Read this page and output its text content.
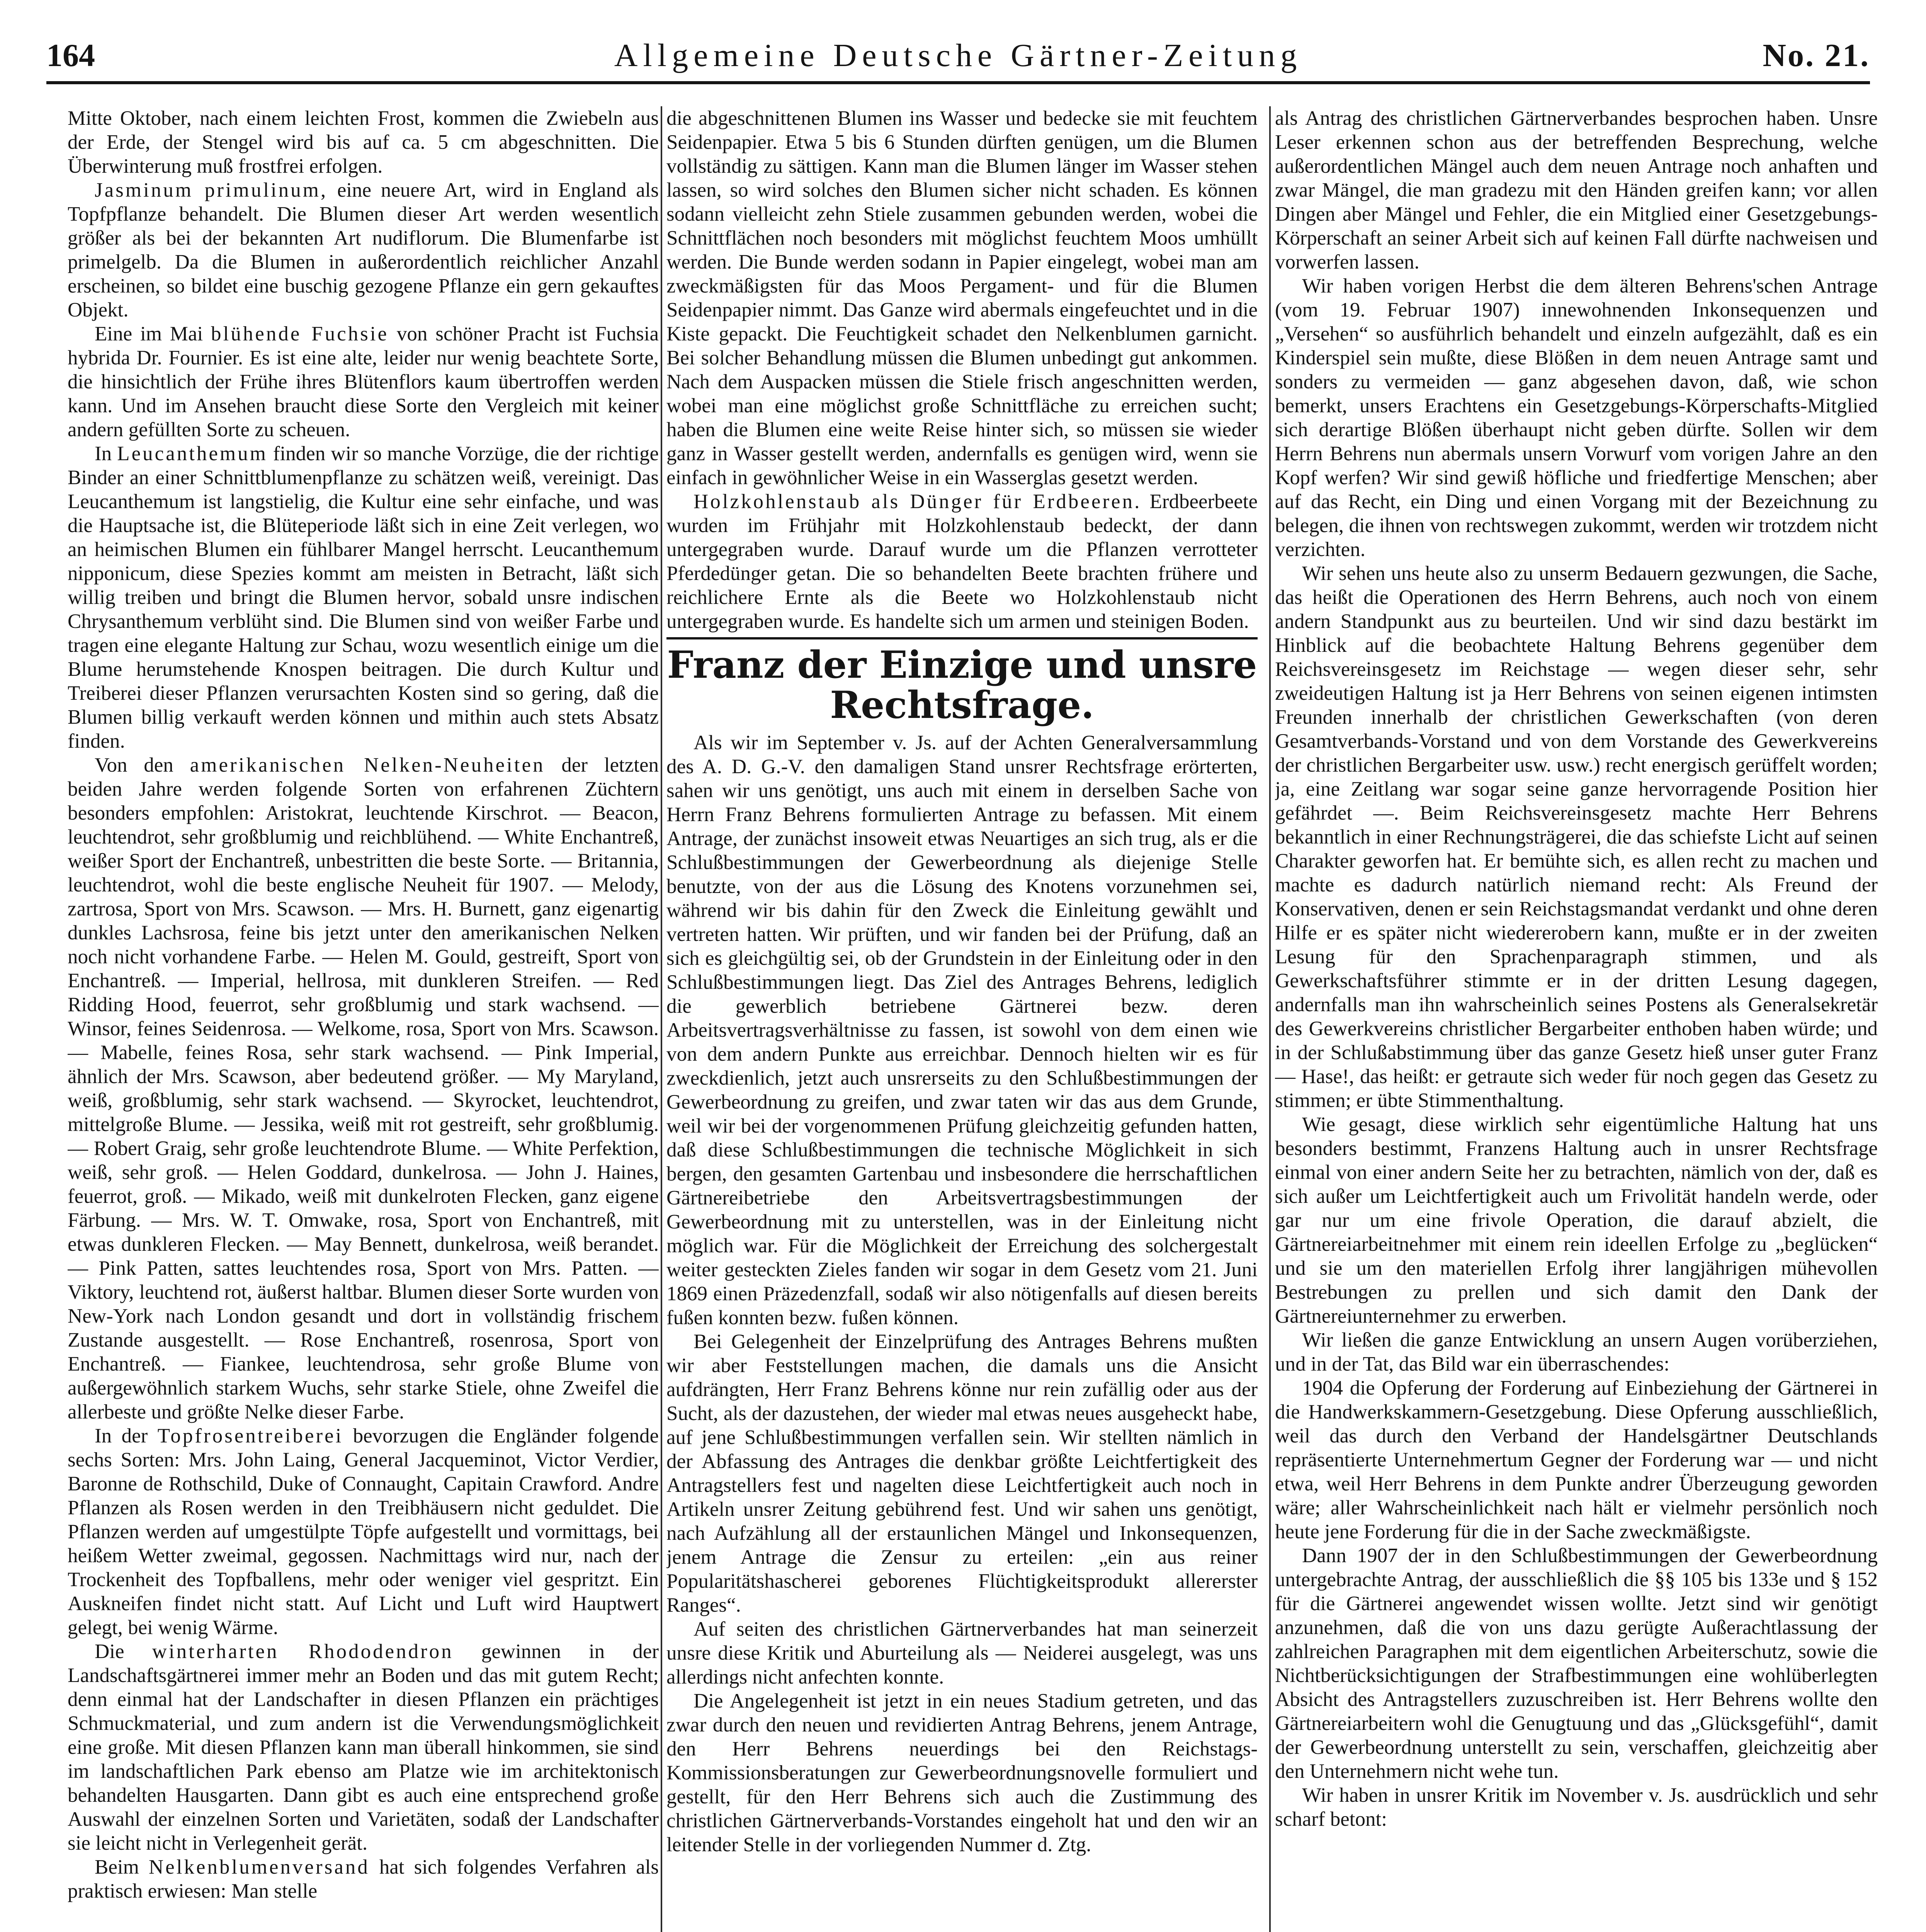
164	Allgemeine Deutsche Gärtner-Zeitung	No. 21.

Mitte Oktober, nach einem leichten Frost, kommen die Zwiebeln aus der Erde, der Stengel wird bis auf ca. 5 cm abgeschnitten. Die Überwinterung muß frostfrei erfolgen.

Jasminum primulinum, eine neuere Art, wird in England als Topfpflanze behandelt. Die Blumen dieser Art werden wesentlich größer als bei der bekannten Art nudiflorum. Die Blumenfarbe ist primelgelb. Da die Blumen in außerordentlich reichlicher Anzahl erscheinen, so bildet eine buschig gezogene Pflanze ein gern gekauftes Objekt.

Eine im Mai blühende Fuchsie von schöner Pracht ist Fuchsia hybrida Dr. Fournier. Es ist eine alte, leider nur wenig beachtete Sorte, die hinsichtlich der Frühe ihres Blütenflors kaum übertroffen werden kann. Und im Ansehen braucht diese Sorte den Vergleich mit keiner andern gefüllten Sorte zu scheuen.

In Leucanthemum finden wir so manche Vorzüge, die der richtige Binder an einer Schnittblumenpflanze zu schätzen weiß, vereinigt. Das Leucanthemum ist langstielig, die Kultur eine sehr einfache, und was die Hauptsache ist, die Blüteperiode läßt sich in eine Zeit verlegen, wo an heimischen Blumen ein fühlbarer Mangel herrscht. Leucanthemum nipponicum, diese Spezies kommt am meisten in Betracht, läßt sich willig treiben und bringt die Blumen hervor, sobald unsre indischen Chrysanthemum verblüht sind. Die Blumen sind von weißer Farbe und tragen eine elegante Haltung zur Schau, wozu wesentlich einige um die Blume herumstehende Knospen beitragen. Die durch Kultur und Treiberei dieser Pflanzen verursachten Kosten sind so gering, daß die Blumen billig verkauft werden können und mithin auch stets Absatz finden.

Von den amerikanischen Nelken-Neuheiten der letzten beiden Jahre werden folgende Sorten von erfahrenen Züchtern besonders empfohlen: Aristokrat, leuchtende Kirschrot. — Beacon, leuchtendrot, sehr großblumig und reichblühend. — White Enchantreß, weißer Sport der Enchantreß, unbestritten die beste Sorte. — Britannia, leuchtendrot, wohl die beste englische Neuheit für 1907. — Melody, zartrosa, Sport von Mrs. Scawson. — Mrs. H. Burnett, ganz eigenartig dunkles Lachsrosa, feine bis jetzt unter den amerikanischen Nelken noch nicht vorhandene Farbe. — Helen M. Gould, gestreift, Sport von Enchantreß. — Imperial, hellrosa, mit dunkleren Streifen. — Red Ridding Hood, feuerrot, sehr großblumig und stark wachsend. — Winsor, feines Seidenrosa. — Welkome, rosa, Sport von Mrs. Scawson. — Mabelle, feines Rosa, sehr stark wachsend. — Pink Imperial, ähnlich der Mrs. Scawson, aber bedeutend größer. — My Maryland, weiß, großblumig, sehr stark wachsend. — Skyrocket, leuchtendrot, mittelgroße Blume. — Jessika, weiß mit rot gestreift, sehr großblumig. — Robert Graig, sehr große leuchtendrote Blume. — White Perfektion, weiß, sehr groß. — Helen Goddard, dunkelrosa. — John J. Haines, feuerrot, groß. — Mikado, weiß mit dunkelroten Flecken, ganz eigene Färbung. — Mrs. W. T. Omwake, rosa, Sport von Enchantreß, mit etwas dunkleren Flecken. — May Bennett, dunkelrosa, weiß berandet. — Pink Patten, sattes leuchtendes rosa, Sport von Mrs. Patten. — Viktory, leuchtend rot, äußerst haltbar. Blumen dieser Sorte wurden von New-York nach London gesandt und dort in vollständig frischem Zustande ausgestellt. — Rose Enchantreß, rosenrosa, Sport von Enchantreß. — Fiankee, leuchtendrosa, sehr große Blume von außergewöhnlich starkem Wuchs, sehr starke Stiele, ohne Zweifel die allerbeste und größte Nelke dieser Farbe.

In der Topfrosentreiberei bevorzugen die Engländer folgende sechs Sorten: Mrs. John Laing, General Jacqueminot, Victor Verdier, Baronne de Rothschild, Duke of Connaught, Capitain Crawford. Andre Pflanzen als Rosen werden in den Treibhäusern nicht geduldet. Die Pflanzen werden auf umgestülpte Töpfe aufgestellt und vormittags, bei heißem Wetter zweimal, gegossen. Nachmittags wird nur, nach der Trockenheit des Topfballens, mehr oder weniger viel gespritzt. Ein Auskneifen findet nicht statt. Auf Licht und Luft wird Hauptwert gelegt, bei wenig Wärme.

Die winterharten Rhododendron gewinnen in der Landschaftsgärtnerei immer mehr an Boden und das mit gutem Recht; denn einmal hat der Landschafter in diesen Pflanzen ein prächtiges Schmuckmaterial, und zum andern ist die Verwendungsmöglichkeit eine große. Mit diesen Pflanzen kann man überall hinkommen, sie sind im landschaftlichen Park ebenso am Platze wie im architektonisch behandelten Hausgarten. Dann gibt es auch eine entsprechend große Auswahl der einzelnen Sorten und Varietäten, sodaß der Landschafter sie leicht nicht in Verlegenheit gerät.

Beim Nelkenblumenversand hat sich folgendes Verfahren als praktisch erwiesen: Man stelle

die abgeschnittenen Blumen ins Wasser und bedecke sie mit feuchtem Seidenpapier. Etwa 5 bis 6 Stunden dürften genügen, um die Blumen vollständig zu sättigen. Kann man die Blumen länger im Wasser stehen lassen, so wird solches den Blumen sicher nicht schaden. Es können sodann vielleicht zehn Stiele zusammen gebunden werden, wobei die Schnittflächen noch besonders mit möglichst feuchtem Moos umhüllt werden. Die Bunde werden sodann in Papier eingelegt, wobei man am zweckmäßigsten für das Moos Pergament- und für die Blumen Seidenpapier nimmt. Das Ganze wird abermals eingefeuchtet und in die Kiste gepackt. Die Feuchtigkeit schadet den Nelkenblumen garnicht. Bei solcher Behandlung müssen die Blumen unbedingt gut ankommen. Nach dem Auspacken müssen die Stiele frisch angeschnitten werden, wobei man eine möglichst große Schnittfläche zu erreichen sucht; haben die Blumen eine weite Reise hinter sich, so müssen sie wieder ganz in Wasser gestellt werden, andernfalls es genügen wird, wenn sie einfach in gewöhnlicher Weise in ein Wasserglas gesetzt werden.

Holzkohlenstaub als Dünger für Erdbeeren. Erdbeerbeete wurden im Frühjahr mit Holzkohlenstaub bedeckt, der dann untergegraben wurde. Darauf wurde um die Pflanzen verrotteter Pferdedünger getan. Die so behandelten Beete brachten frühere und reichlichere Ernte als die Beete wo Holzkohlenstaub nicht untergegraben wurde. Es handelte sich um armen und steinigen Boden.

Franz der Einzige und unsre Rechtsfrage.

Als wir im September v. Js. auf der Achten Generalversammlung des A. D. G.-V. den damaligen Stand unsrer Rechtsfrage erörterten, sahen wir uns genötigt, uns auch mit einem in derselben Sache von Herrn Franz Behrens formulierten Antrage zu befassen. Mit einem Antrage, der zunächst insoweit etwas Neuartiges an sich trug, als er die Schlußbestimmungen der Gewerbeordnung als diejenige Stelle benutzte, von der aus die Lösung des Knotens vorzunehmen sei, während wir bis dahin für den Zweck die Einleitung gewählt und vertreten hatten. Wir prüften, und wir fanden bei der Prüfung, daß an sich es gleichgültig sei, ob der Grundstein in der Einleitung oder in den Schlußbestimmungen liegt. Das Ziel des Antrages Behrens, lediglich die gewerblich betriebene Gärtnerei bezw. deren Arbeitsvertragsverhältnisse zu fassen, ist sowohl von dem einen wie von dem andern Punkte aus erreichbar. Dennoch hielten wir es für zweckdienlich, jetzt auch unsrerseits zu den Schlußbestimmungen der Gewerbeordnung zu greifen, und zwar taten wir das aus dem Grunde, weil wir bei der vorgenommenen Prüfung gleichzeitig gefunden hatten, daß diese Schlußbestimmungen die technische Möglichkeit in sich bergen, den gesamten Gartenbau und insbesondere die herrschaftlichen Gärtnereibetriebe den Arbeitsvertragsbestimmungen der Gewerbeordnung mit zu unterstellen, was in der Einleitung nicht möglich war. Für die Möglichkeit der Erreichung des solchergestalt weiter gesteckten Zieles fanden wir sogar in dem Gesetz vom 21. Juni 1869 einen Präzedenzfall, sodaß wir also nötigenfalls auf diesen bereits fußen konnten bezw. fußen können.

Bei Gelegenheit der Einzelprüfung des Antrages Behrens mußten wir aber Feststellungen machen, die damals uns die Ansicht aufdrängten, Herr Franz Behrens könne nur rein zufällig oder aus der Sucht, als der dazustehen, der wieder mal etwas neues ausgeheckt habe, auf jene Schlußbestimmungen verfallen sein. Wir stellten nämlich in der Abfassung des Antrages die denkbar größte Leichtfertigkeit des Antragstellers fest und nagelten diese Leichtfertigkeit auch noch in Artikeln unsrer Zeitung gebührend fest. Und wir sahen uns genötigt, nach Aufzählung all der erstaunlichen Mängel und Inkonsequenzen, jenem Antrage die Zensur zu erteilen: „ein aus reiner Popularitätshascherei geborenes Flüchtigkeitsprodukt allererster Ranges“.

Auf seiten des christlichen Gärtnerverbandes hat man seinerzeit unsre diese Kritik und Aburteilung als — Neiderei ausgelegt, was uns allerdings nicht anfechten konnte.

Die Angelegenheit ist jetzt in ein neues Stadium getreten, und das zwar durch den neuen und revidierten Antrag Behrens, jenem Antrage, den Herr Behrens neuerdings bei den Reichstags-Kommissionsberatungen zur Gewerbeordnungsnovelle formuliert und gestellt, für den Herr Behrens sich auch die Zustimmung des christlichen Gärtnerverbands-Vorstandes eingeholt hat und den wir an leitender Stelle in der vorliegenden Nummer d. Ztg.

als Antrag des christlichen Gärtnerverbandes besprochen haben. Unsre Leser erkennen schon aus der betreffenden Besprechung, welche außerordentlichen Mängel auch dem neuen Antrage noch anhaften und zwar Mängel, die man gradezu mit den Händen greifen kann; vor allen Dingen aber Mängel und Fehler, die ein Mitglied einer Gesetzgebungs-Körperschaft an seiner Arbeit sich auf keinen Fall dürfte nachweisen und vorwerfen lassen.

Wir haben vorigen Herbst die dem älteren Behrens'schen Antrage (vom 19. Februar 1907) innewohnenden Inkonsequenzen und „Versehen“ so ausführlich behandelt und einzeln aufgezählt, daß es ein Kinderspiel sein mußte, diese Blößen in dem neuen Antrage samt und sonders zu vermeiden — ganz abgesehen davon, daß, wie schon bemerkt, unsers Erachtens ein Gesetzgebungs-Körperschafts-Mitglied sich derartige Blößen überhaupt nicht geben dürfte. Sollen wir dem Herrn Behrens nun abermals unsern Vorwurf vom vorigen Jahre an den Kopf werfen? Wir sind gewiß höfliche und friedfertige Menschen; aber auf das Recht, ein Ding und einen Vorgang mit der Bezeichnung zu belegen, die ihnen von rechtswegen zukommt, werden wir trotzdem nicht verzichten.

Wir sehen uns heute also zu unserm Bedauern gezwungen, die Sache, das heißt die Operationen des Herrn Behrens, auch noch von einem andern Standpunkt aus zu beurteilen. Und wir sind dazu bestärkt im Hinblick auf die beobachtete Haltung Behrens gegenüber dem Reichsvereinsgesetz im Reichstage — wegen dieser sehr, sehr zweideutigen Haltung ist ja Herr Behrens von seinen eigenen intimsten Freunden innerhalb der christlichen Gewerkschaften (von deren Gesamtverbands-Vorstand und von dem Vorstande des Gewerkvereins der christlichen Bergarbeiter usw. usw.) recht energisch gerüffelt worden; ja, eine Zeitlang war sogar seine ganze hervorragende Position hier gefährdet —. Beim Reichsvereinsgesetz machte Herr Behrens bekanntlich in einer Rechnungsträgerei, die das schiefste Licht auf seinen Charakter geworfen hat. Er bemühte sich, es allen recht zu machen und machte es dadurch natürlich niemand recht: Als Freund der Konservativen, denen er sein Reichstagsmandat verdankt und ohne deren Hilfe er es später nicht wiedererobern kann, mußte er in der zweiten Lesung für den Sprachenparagraph stimmen, und als Gewerkschaftsführer stimmte er in der dritten Lesung dagegen, andernfalls man ihn wahrscheinlich seines Postens als Generalsekretär des Gewerkvereins christlicher Bergarbeiter enthoben haben würde; und in der Schlußabstimmung über das ganze Gesetz hieß unser guter Franz — Hase!, das heißt: er getraute sich weder für noch gegen das Gesetz zu stimmen; er übte Stimmenthaltung.

Wie gesagt, diese wirklich sehr eigentümliche Haltung hat uns besonders bestimmt, Franzens Haltung auch in unsrer Rechtsfrage einmal von einer andern Seite her zu betrachten, nämlich von der, daß es sich außer um Leichtfertigkeit auch um Frivolität handeln werde, oder gar nur um eine frivole Operation, die darauf abzielt, die Gärtnereiarbeitnehmer mit einem rein ideellen Erfolge zu „beglücken“ und sie um den materiellen Erfolg ihrer langjährigen mühevollen Bestrebungen zu prellen und sich damit den Dank der Gärtnereiunternehmer zu erwerben.

Wir ließen die ganze Entwicklung an unsern Augen vorüberziehen, und in der Tat, das Bild war ein überraschendes:

1904 die Opferung der Forderung auf Einbeziehung der Gärtnerei in die Handwerkskammern-Gesetzgebung. Diese Opferung ausschließlich, weil das durch den Verband der Handelsgärtner Deutschlands repräsentierte Unternehmertum Gegner der Forderung war — und nicht etwa, weil Herr Behrens in dem Punkte andrer Überzeugung geworden wäre; aller Wahrscheinlichkeit nach hält er vielmehr persönlich noch heute jene Forderung für die in der Sache zweckmäßigste.

Dann 1907 der in den Schlußbestimmungen der Gewerbeordnung untergebrachte Antrag, der ausschließlich die §§ 105 bis 133e und § 152 für die Gärtnerei angewendet wissen wollte. Jetzt sind wir genötigt anzunehmen, daß die von uns dazu gerügte Außerachtlassung der zahlreichen Paragraphen mit dem eigentlichen Arbeiterschutz, sowie die Nichtberücksichtigungen der Strafbestimmungen eine wohlüberlegten Absicht des Antragstellers zuzuschreiben ist. Herr Behrens wollte den Gärtnereiarbeitern wohl die Genugtuung und das „Glücksgefühl“, damit der Gewerbeordnung unterstellt zu sein, verschaffen, gleichzeitig aber den Unternehmern nicht wehe tun.

Wir haben in unsrer Kritik im November v. Js. ausdrücklich und sehr scharf betont:
